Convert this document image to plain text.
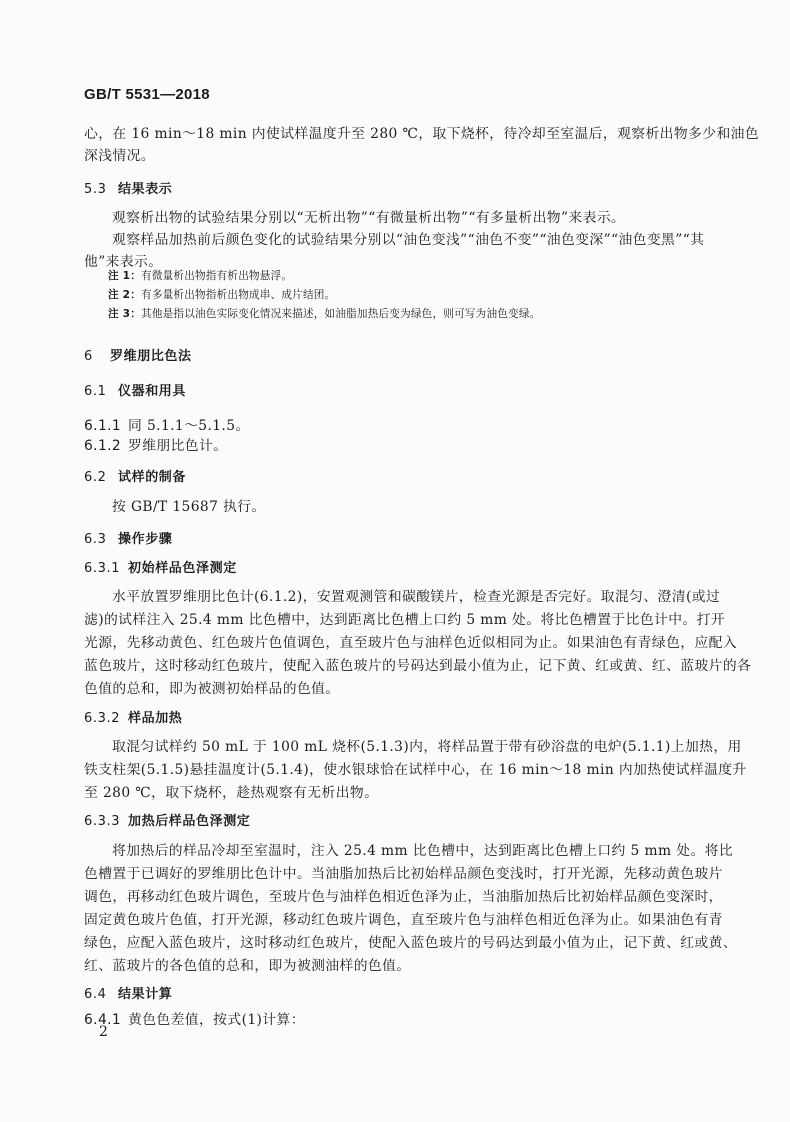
GB/T 5531—2018
心，在 16 min～18 min 内使试样温度升至 280 ℃，取下烧杯，待冷却至室温后，观察析出物多少和油色
深浅情况。
5.3 结果表示
观察析出物的试验结果分别以“无析出物”“有微量析出物”“有多量析出物”来表示。
观察样品加热前后颜色变化的试验结果分别以“油色变浅”“油色不变”“油色变深”“油色变黑”“其
他”来表示。
注 1：有微量析出物指有析出物悬浮。
注 2：有多量析出物指析出物成串、成片结团。
注 3：其他是指以油色实际变化情况来描述，如油脂加热后变为绿色，则可写为油色变绿。
6 罗维朋比色法
6.1 仪器和用具
6.1.1 同 5.1.1～5.1.5。
6.1.2 罗维朋比色计。
6.2 试样的制备
按 GB/T 15687 执行。
6.3 操作步骤
6.3.1 初始样品色泽测定
水平放置罗维朋比色计(6.1.2)，安置观测管和碳酸镁片，检查光源是否完好。取混匀、澄清(或过
滤)的试样注入 25.4 mm 比色槽中，达到距离比色槽上口约 5 mm 处。将比色槽置于比色计中。打开
光源，先移动黄色、红色玻片色值调色，直至玻片色与油样色近似相同为止。如果油色有青绿色，应配入
蓝色玻片，这时移动红色玻片，使配入蓝色玻片的号码达到最小值为止，记下黄、红或黄、红、蓝玻片的各
色值的总和，即为被测初始样品的色值。
6.3.2 样品加热
取混匀试样约 50 mL 于 100 mL 烧杯(5.1.3)内，将样品置于带有砂浴盘的电炉(5.1.1)上加热，用
铁支柱架(5.1.5)悬挂温度计(5.1.4)，使水银球恰在试样中心，在 16 min～18 min 内加热使试样温度升
至 280 ℃，取下烧杯，趁热观察有无析出物。
6.3.3 加热后样品色泽测定
将加热后的样品冷却至室温时，注入 25.4 mm 比色槽中，达到距离比色槽上口约 5 mm 处。将比
色槽置于已调好的罗维朋比色计中。当油脂加热后比初始样品颜色变浅时，打开光源，先移动黄色玻片
调色，再移动红色玻片调色，至玻片色与油样色相近色泽为止，当油脂加热后比初始样品颜色变深时，
固定黄色玻片色值，打开光源，移动红色玻片调色，直至玻片色与油样色相近色泽为止。如果油色有青
绿色，应配入蓝色玻片，这时移动红色玻片，使配入蓝色玻片的号码达到最小值为止，记下黄、红或黄、
红、蓝玻片的各色值的总和，即为被测油样的色值。
6.4 结果计算
6.4.1 黄色色差值，按式(1)计算：
2
